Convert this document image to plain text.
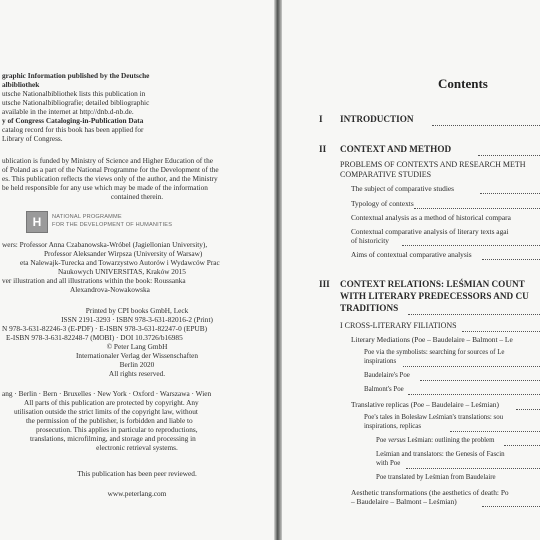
graphic Information published by the Deutsche
albibliothek
utsche Nationalbibliothek lists this publication in
utsche Nationalbibliografie; detailed bibliographic
available in the internet at http://dnb.d-nb.de.
y of Congress Cataloging-in-Publication Data
catalog record for this book has been applied for
Library of Congress.
ublication is funded by Ministry of Science and Higher Education of the
of Poland as a part of the National Programme for the Development of the
es. This publication reflects the views only of the author, and the Ministry
be held responsible for any use which may be made of the information
contained therein.
H	NATIONAL PROGRAMME
FOR THE DEVELOPMENT OF HUMANITIES
wers: Professor Anna Czabanowska-Wróbel (Jagiellonian University),
Professor Aleksander Wirpsza (University of Warsaw)
eta Nalewajk-Turecka and Towarzystwo Autorów i Wydawców Prac
Naukowych UNIVERSITAS, Kraków 2015
ver illustration and all illustrations within the book: Roussanka
Alexandrova-Nowakowska
Printed by CPI books GmbH, Leck
ISSN 2191-3293 · ISBN 978-3-631-82016-2 (Print)
N 978-3-631-82246-3 (E-PDF) · E-ISBN 978-3-631-82247-0 (EPUB)
E-ISBN 978-3-631-82248-7 (MOBI) · DOI 10.3726/b16985
© Peter Lang GmbH
Internationaler Verlag der Wissenschaften
Berlin 2020
All rights reserved.
ang · Berlin · Bern · Bruxelles · New York · Oxford · Warszawa · Wien
All parts of this publication are protected by copyright. Any
utilisation outside the strict limits of the copyright law, without
the permission of the publisher, is forbidden and liable to
prosecution. This applies in particular to reproductions,
translations, microfilming, and storage and processing in
electronic retrieval systems.
This publication has been peer reviewed.
www.peterlang.com
Contents
I INTRODUCTION
II CONTEXT AND METHOD
PROBLEMS OF CONTEXTS AND RESEARCH METH
COMPARATIVE STUDIES
The subject of comparative studies
Typology of contexts
Contextual analysis as a method of historical compara
Contextual comparative analysis of literary texts agai
of historicity
Aims of contextual comparative analysis
III CONTEXT RELATIONS: LEŚMIAN COUNT
WITH LITERARY PREDECESSORS AND CU
TRADITIONS
I CROSS-LITERARY FILIATIONS
Literary Mediations (Poe – Baudelaire – Balmont – Le
Poe via the symbolists: searching for sources of Le
inspirations
Baudelaire's Poe
Balmont's Poe
Translative replicas (Poe – Baudelaire – Leśmian)
Poe's tales in Bolesław Leśmian's translations: sou
inspirations, replicas
Poe versus Leśmian: outlining the problem
Leśmian and translators: the Genesis of Fascin
with Poe
Poe translated by Leśmian from Baudelaire
Aesthetic transformations (the aesthetics of death: Po
– Baudelaire – Balmont – Leśmian)
